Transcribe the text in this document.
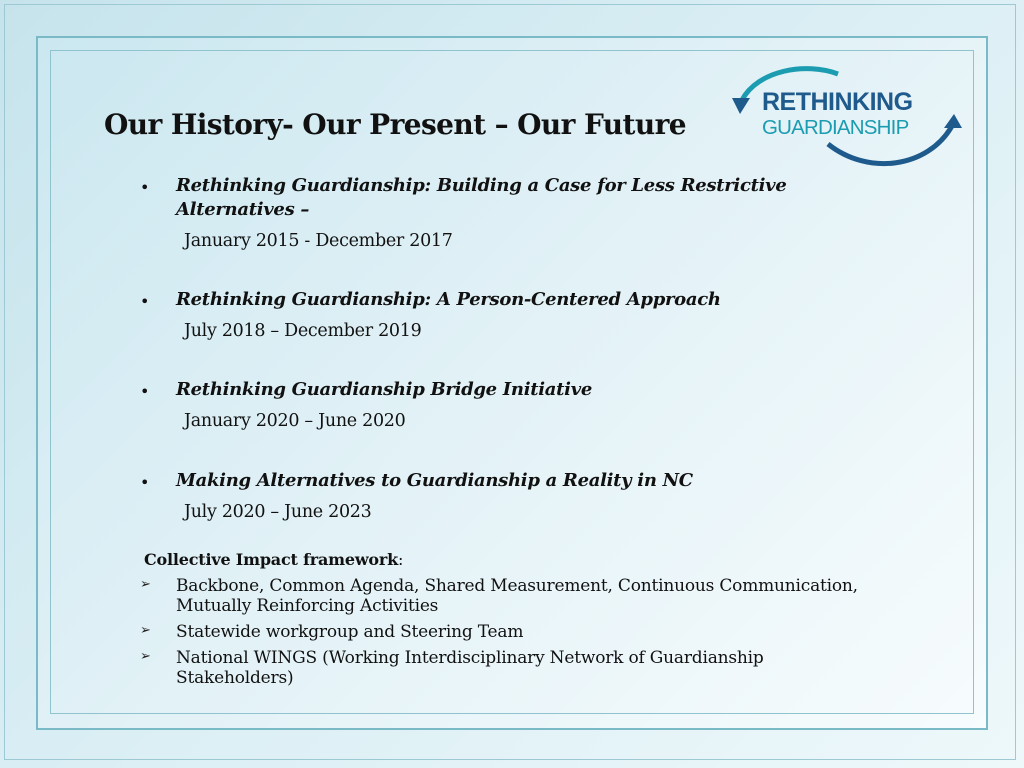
Our History- Our Present – Our Future
RETHINKING
GUARDIANSHIP
• Rethinking Guardianship: Building a Case for Less Restrictive Alternatives –
January 2015 - December 2017
• Rethinking Guardianship: A Person-Centered Approach
July 2018 – December 2019
• Rethinking Guardianship Bridge Initiative
January 2020 – June 2020
• Making Alternatives to Guardianship a Reality in NC
July 2020 – June 2023
Collective Impact framework:
➢ Backbone, Common Agenda, Shared Measurement, Continuous Communication, Mutually Reinforcing Activities
➢ Statewide workgroup and Steering Team
➢ National WINGS (Working Interdisciplinary Network of Guardianship Stakeholders)
